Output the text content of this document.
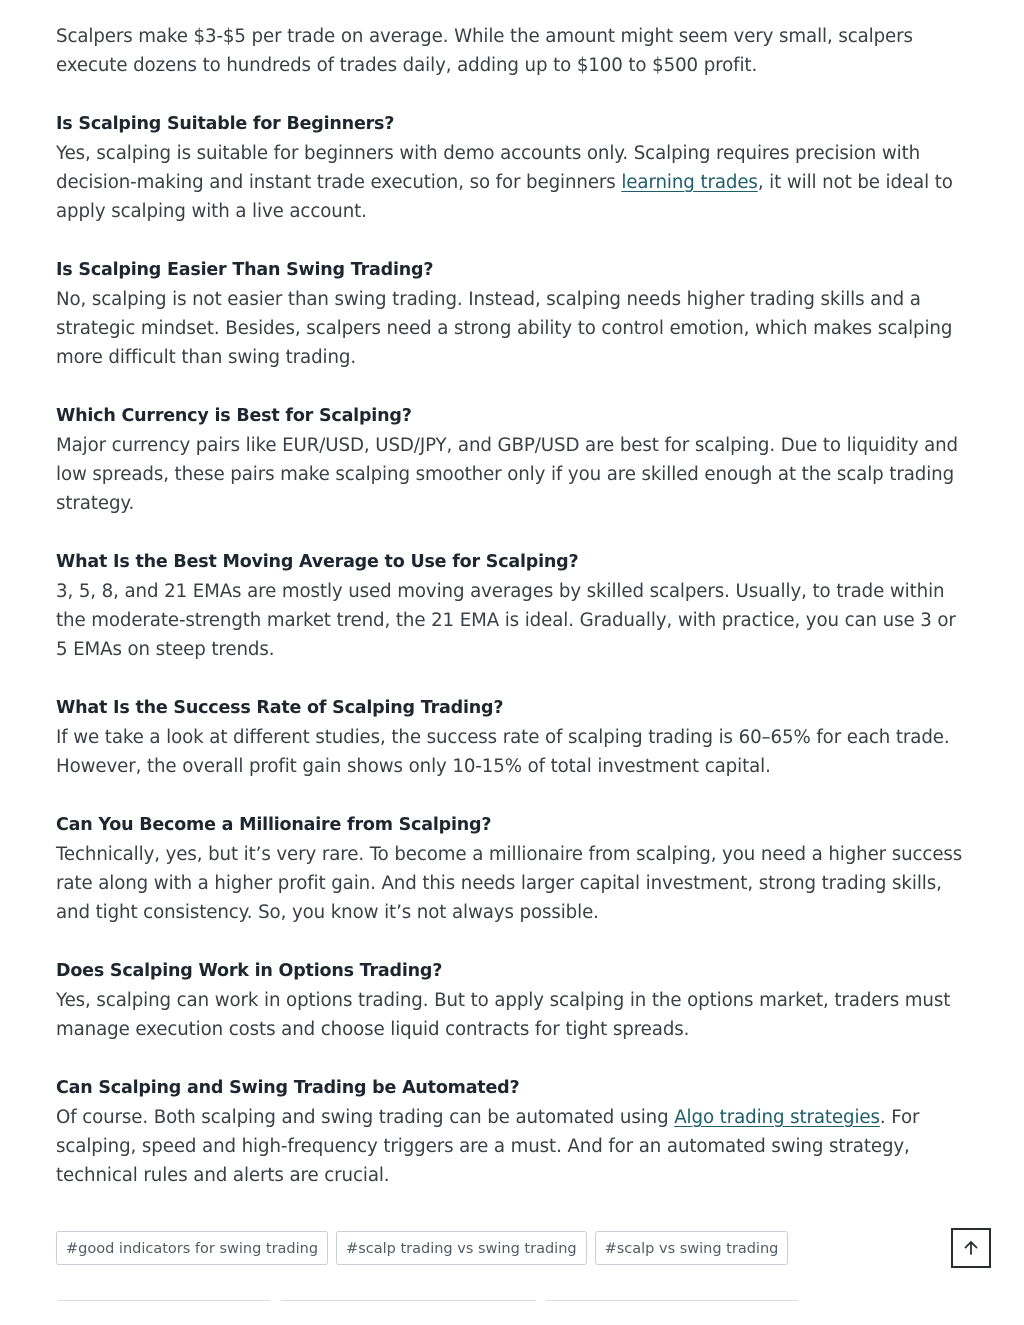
Scalpers make $3-$5 per trade on average. While the amount might seem very small, scalpers execute dozens to hundreds of trades daily, adding up to $100 to $500 profit.

Is Scalping Suitable for Beginners?

Yes, scalping is suitable for beginners with demo accounts only. Scalping requires precision with decision-making and instant trade execution, so for beginners learning trades, it will not be ideal to apply scalping with a live account.

Is Scalping Easier Than Swing Trading?

No, scalping is not easier than swing trading. Instead, scalping needs higher trading skills and a strategic mindset. Besides, scalpers need a strong ability to control emotion, which makes scalping more difficult than swing trading.

Which Currency is Best for Scalping?

Major currency pairs like EUR/USD, USD/JPY, and GBP/USD are best for scalping. Due to liquidity and low spreads, these pairs make scalping smoother only if you are skilled enough at the scalp trading strategy.

What Is the Best Moving Average to Use for Scalping?

3, 5, 8, and 21 EMAs are mostly used moving averages by skilled scalpers. Usually, to trade within the moderate-strength market trend, the 21 EMA is ideal. Gradually, with practice, you can use 3 or 5 EMAs on steep trends.

What Is the Success Rate of Scalping Trading?

If we take a look at different studies, the success rate of scalping trading is 60–65% for each trade. However, the overall profit gain shows only 10-15% of total investment capital.

Can You Become a Millionaire from Scalping?

Technically, yes, but it’s very rare. To become a millionaire from scalping, you need a higher success rate along with a higher profit gain. And this needs larger capital investment, strong trading skills, and tight consistency. So, you know it’s not always possible.

Does Scalping Work in Options Trading?

Yes, scalping can work in options trading. But to apply scalping in the options market, traders must manage execution costs and choose liquid contracts for tight spreads.

Can Scalping and Swing Trading be Automated?

Of course. Both scalping and swing trading can be automated using Algo trading strategies. For scalping, speed and high-frequency triggers are a must. And for an automated swing strategy, technical rules and alerts are crucial.

#good indicators for swing trading	#scalp trading vs swing trading	#scalp vs swing trading
